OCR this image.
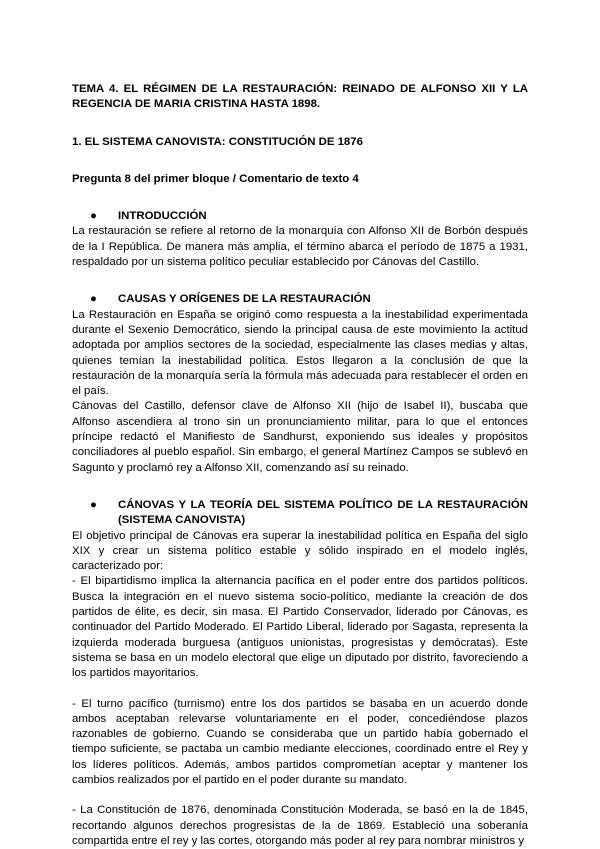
TEMA 4. EL RÉGIMEN DE LA RESTAURACIÓN: REINADO DE ALFONSO XII Y LA REGENCIA DE MARIA CRISTINA HASTA 1898.

1. EL SISTEMA CANOVISTA: CONSTITUCIÓN DE 1876

Pregunta 8 del primer bloque / Comentario de texto 4

●	INTRODUCCIÓN

La restauración se refiere al retorno de la monarquía con Alfonso XII de Borbón después de la I República. De manera más amplia, el término abarca el período de 1875 a 1931, respaldado por un sistema político peculiar establecido por Cánovas del Castillo.

●	CAUSAS Y ORÍGENES DE LA RESTAURACIÓN

La Restauración en España se originó como respuesta a la inestabilidad experimentada durante el Sexenio Democrático, siendo la principal causa de este movimiento la actitud adoptada por amplios sectores de la sociedad, especialmente las clases medias y altas, quienes temían la inestabilidad política. Estos llegaron a la conclusión de que la restauración de la monarquía sería la fórmula más adecuada para restablecer el orden en el país.

Cánovas del Castillo, defensor clave de Alfonso XII (hijo de Isabel II), buscaba que Alfonso ascendiera al trono sin un pronunciamiento militar, para lo que el entonces príncipe redactó el Manifiesto de Sandhurst, exponiendo sus ideales y propósitos conciliadores al pueblo español. Sin embargo, el general Martínez Campos se sublevó en Sagunto y proclamó rey a Alfonso XII, comenzando así su reinado.

●	CÁNOVAS Y LA TEORÍA DEL SISTEMA POLÍTICO DE LA RESTAURACIÓN (SISTEMA CANOVISTA)

El objetivo principal de Cánovas era superar la inestabilidad política en España del siglo XIX y crear un sistema político estable y sólido inspirado en el modelo inglés, caracterizado por:

- El bipartidismo implica la alternancia pacífica en el poder entre dos partidos políticos. Busca la integración en el nuevo sistema socio-político, mediante la creación de dos partidos de élite, es decir, sin masa. El Partido Conservador, liderado por Cánovas, es continuador del Partido Moderado. El Partido Liberal, liderado por Sagasta, representa la izquierda moderada burguesa (antiguos unionistas, progresistas y demócratas). Este sistema se basa en un modelo electoral que elige un diputado por distrito, favoreciendo a los partidos mayoritarios.

- El turno pacífico (turnismo) entre los dos partidos se basaba en un acuerdo donde ambos aceptaban relevarse voluntariamente en el poder, concediéndose plazos razonables de gobierno. Cuando se consideraba que un partido había gobernado el tiempo suficiente, se pactaba un cambio mediante elecciones, coordinado entre el Rey y los líderes políticos. Además, ambos partidos comprometían aceptar y mantener los cambios realizados por el partido en el poder durante su mandato.

- La Constitución de 1876, denominada Constitución Moderada, se basó en la de 1845, recortando algunos derechos progresistas de la de 1869. Estableció una soberanía compartida entre el rey y las cortes, otorgando más poder al rey para nombrar ministros y
